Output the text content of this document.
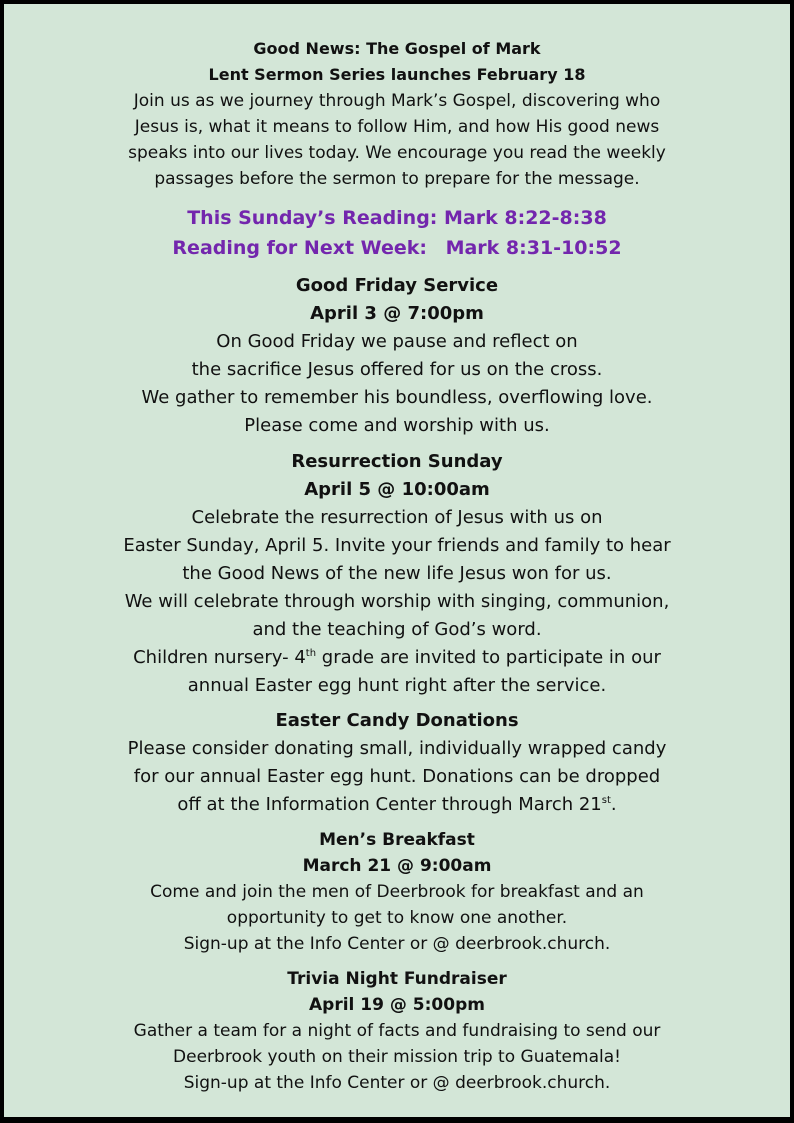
Good News: The Gospel of Mark
Lent Sermon Series launches February 18
Join us as we journey through Mark’s Gospel, discovering who
Jesus is, what it means to follow Him, and how His good news
speaks into our lives today. We encourage you read the weekly
passages before the sermon to prepare for the message.
This Sunday’s Reading: Mark 8:22-8:38
Reading for Next Week: Mark 8:31-10:52
Good Friday Service
April 3 @ 7:00pm
On Good Friday we pause and reflect on
the sacrifice Jesus offered for us on the cross.
We gather to remember his boundless, overflowing love.
Please come and worship with us.
Resurrection Sunday
April 5 @ 10:00am
Celebrate the resurrection of Jesus with us on
Easter Sunday, April 5. Invite your friends and family to hear
the Good News of the new life Jesus won for us.
We will celebrate through worship with singing, communion,
and the teaching of God’s word.
Children nursery- 4th grade are invited to participate in our
annual Easter egg hunt right after the service.
Easter Candy Donations
Please consider donating small, individually wrapped candy
for our annual Easter egg hunt. Donations can be dropped
off at the Information Center through March 21st.
Men’s Breakfast
March 21 @ 9:00am
Come and join the men of Deerbrook for breakfast and an
opportunity to get to know one another.
Sign-up at the Info Center or @ deerbrook.church.
Trivia Night Fundraiser
April 19 @ 5:00pm
Gather a team for a night of facts and fundraising to send our
Deerbrook youth on their mission trip to Guatemala!
Sign-up at the Info Center or @ deerbrook.church.
